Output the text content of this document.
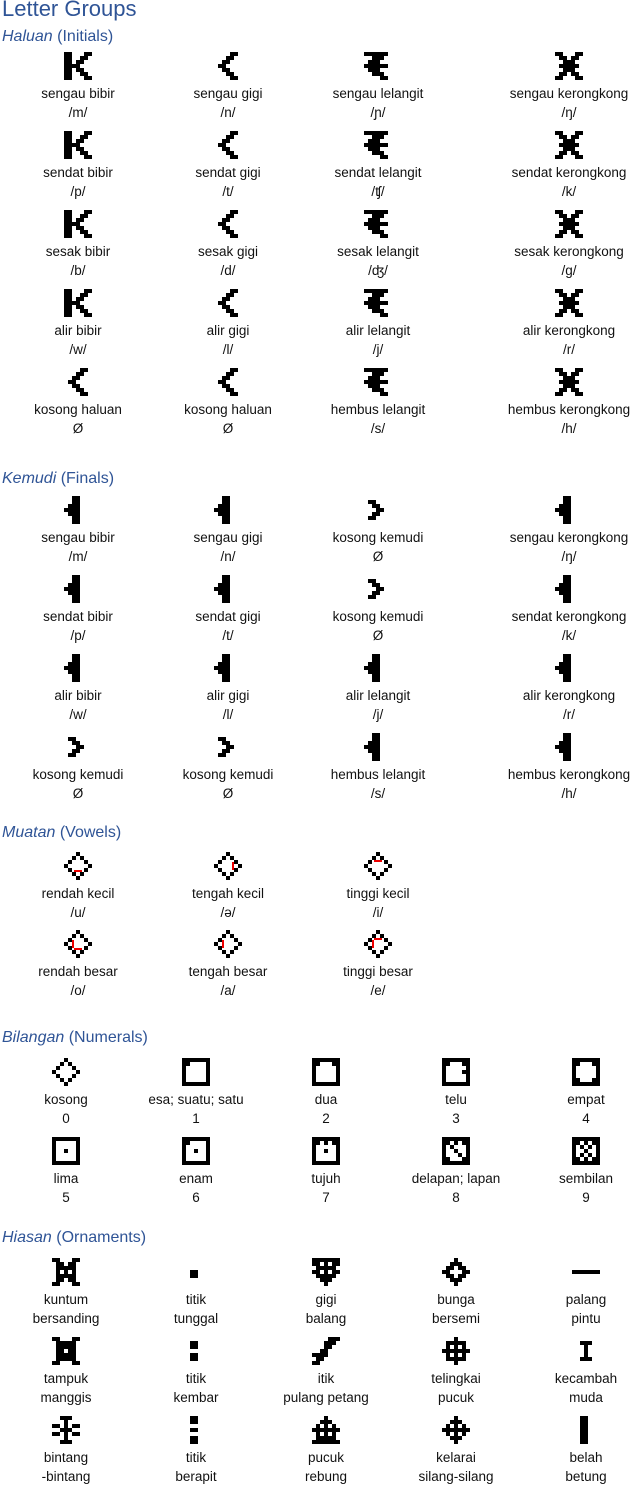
Letter Groups
Haluan (Initials)
sengau bibir
/m/
sengau gigi
/n/
sengau lelangit
/ɲ/
sengau kerongkong
/ŋ/
sendat bibir
/p/
sendat gigi
/t/
sendat lelangit
/ʧ/
sendat kerongkong
/k/
sesak bibir
/b/
sesak gigi
/d/
sesak lelangit
/ʤ/
sesak kerongkong
/g/
alir bibir
/w/
alir gigi
/l/
alir lelangit
/j/
alir kerongkong
/r/
kosong haluan
Ø
kosong haluan
Ø
hembus lelangit
/s/
hembus kerongkong
/h/
Kemudi (Finals)
sengau bibir
/m/
sengau gigi
/n/
kosong kemudi
Ø
sengau kerongkong
/ŋ/
sendat bibir
/p/
sendat gigi
/t/
kosong kemudi
Ø
sendat kerongkong
/k/
alir bibir
/w/
alir gigi
/l/
alir lelangit
/j/
alir kerongkong
/r/
kosong kemudi
Ø
kosong kemudi
Ø
hembus lelangit
/s/
hembus kerongkong
/h/
Muatan (Vowels)
rendah kecil
/u/
tengah kecil
/ə/
tinggi kecil
/i/
rendah besar
/o/
tengah besar
/a/
tinggi besar
/e/
Bilangan (Numerals)
kosong
0
esa; suatu; satu
1
dua
2
telu
3
empat
4
lima
5
enam
6
tujuh
7
delapan; lapan
8
sembilan
9
Hiasan (Ornaments)
kuntum
bersanding
titik
tunggal
gigi
balang
bunga
bersemi
palang
pintu
tampuk
manggis
titik
kembar
itik
pulang petang
telingkai
pucuk
kecambah
muda
bintang
-bintang
titik
berapit
pucuk
rebung
kelarai
silang-silang
belah
betung
